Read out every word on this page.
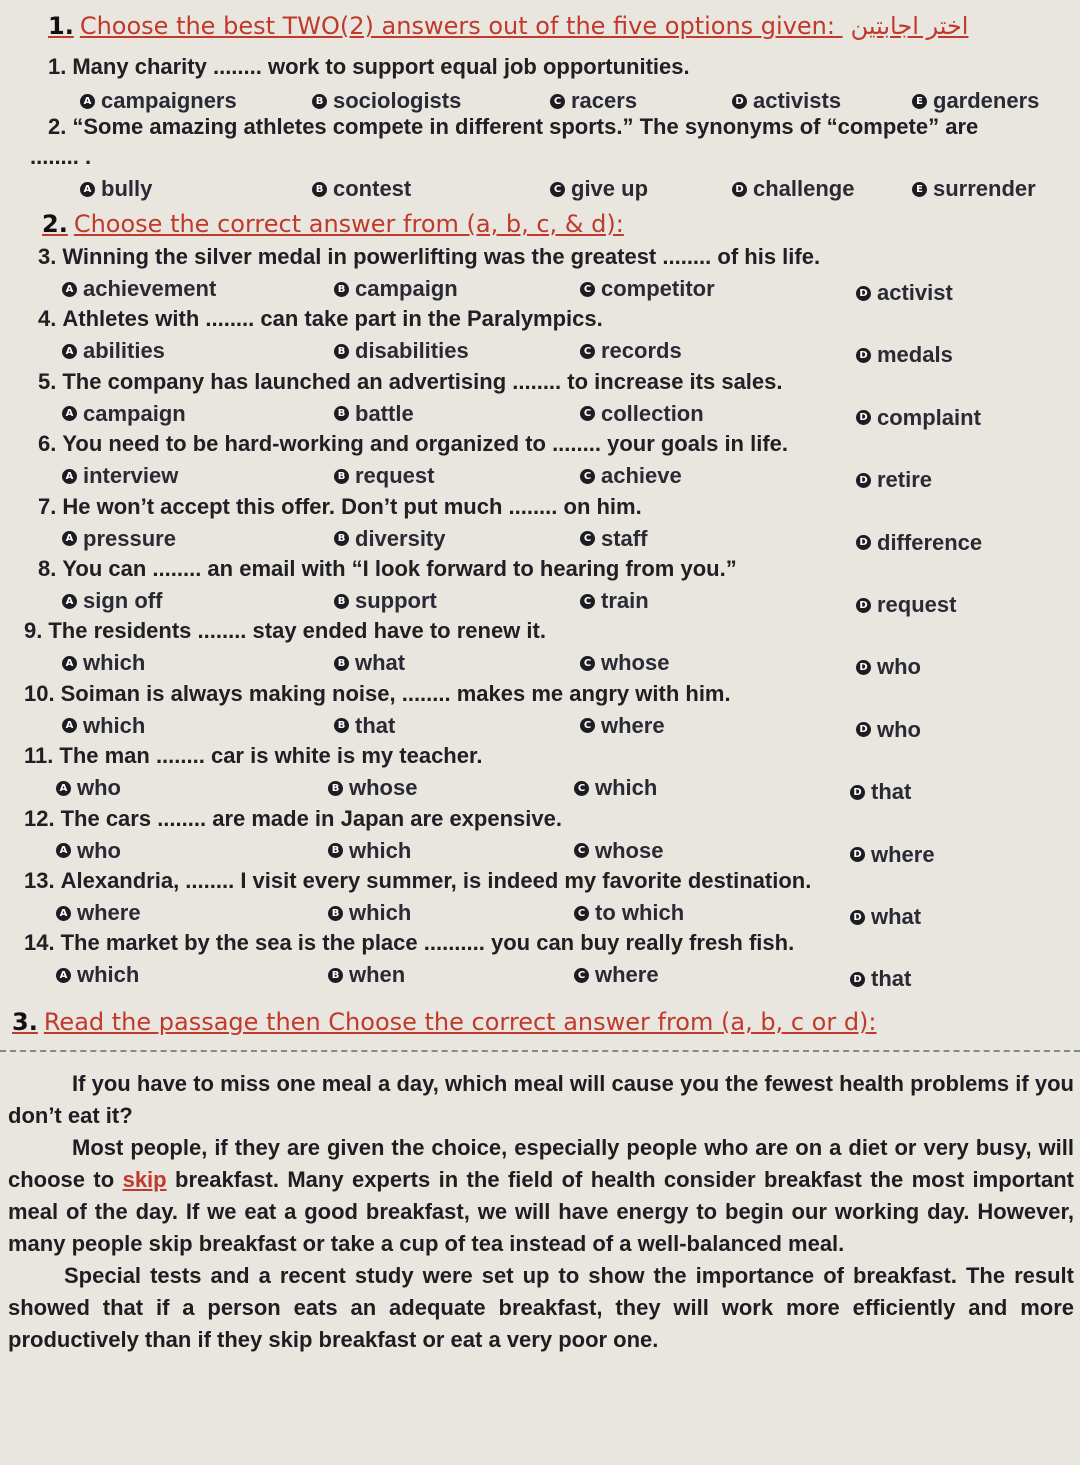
1. Choose the best TWO(2) answers out of the five options given: اختر اجابتين
1. Many charity ........ work to support equal job opportunities.
A campaigners	B sociologists	C racers	D activists	E gardeners
2. “Some amazing athletes compete in different sports.” The synonyms of “compete” are
........ .
A bully	B contest	C give up	D challenge	E surrender
2. Choose the correct answer from (a, b, c, & d):
3. Winning the silver medal in powerlifting was the greatest ........ of his life.
A achievement	B campaign	C competitor	D activist
4. Athletes with ........ can take part in the Paralympics.
A abilities	B disabilities	C records	D medals
5. The company has launched an advertising ........ to increase its sales.
A campaign	B battle	C collection	D complaint
6. You need to be hard-working and organized to ........ your goals in life.
A interview	B request	C achieve	D retire
7. He won’t accept this offer. Don’t put much ........ on him.
A pressure	B diversity	C staff	D difference
8. You can ........ an email with “I look forward to hearing from you.”
A sign off	B support	C train	D request
9. The residents ........ stay ended have to renew it.
A which	B what	C whose	D who
10. Soiman is always making noise, ........ makes me angry with him.
A which	B that	C where	D who
11. The man ........ car is white is my teacher.
A who	B whose	C which	D that
12. The cars ........ are made in Japan are expensive.
A who	B which	C whose	D where
13. Alexandria, ........ I visit every summer, is indeed my favorite destination.
A where	B which	C to which	D what
14. The market by the sea is the place .......... you can buy really fresh fish.
A which	B when	C where	D that
3. Read the passage then Choose the correct answer from (a, b, c or d):

If you have to miss one meal a day, which meal will cause you the fewest health problems if you don’t eat it?

Most people, if they are given the choice, especially people who are on a diet or very busy, will choose to skip breakfast. Many experts in the field of health consider breakfast the most important meal of the day. If we eat a good breakfast, we will have energy to begin our working day. However, many people skip breakfast or take a cup of tea instead of a well-balanced meal.

Special tests and a recent study were set up to show the importance of breakfast. The result showed that if a person eats an adequate breakfast, they will work more efficiently and more productively than if they skip breakfast or eat a very poor one.
